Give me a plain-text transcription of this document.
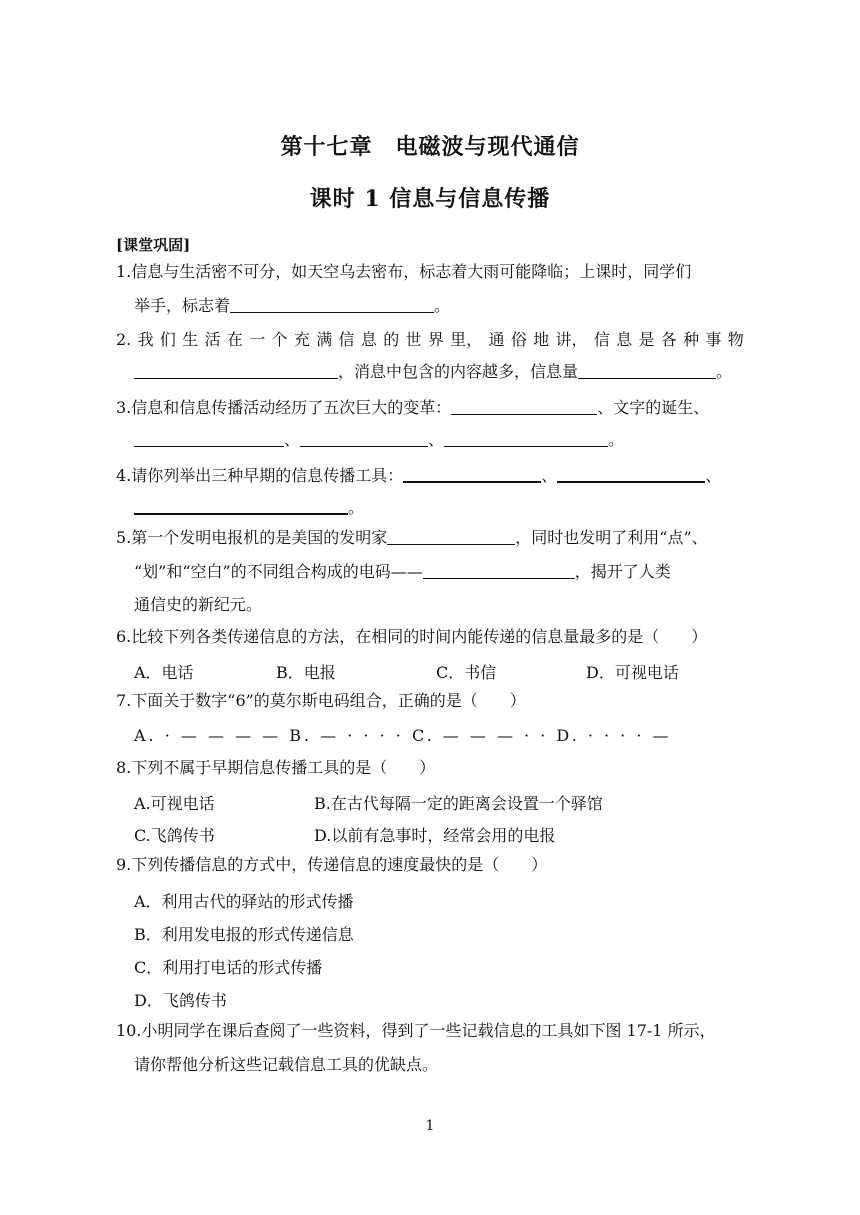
第十七章　电磁波与现代通信
课时 1 信息与信息传播
[课堂巩固]
1.信息与生活密不可分，如天空乌去密布，标志着大雨可能降临；上课时，同学们
举手，标志着	。
2. 我 们 生 活 在 一 个 充 满 信 息 的 世 界 里， 通 俗 地 讲， 信 息 是 各 种 事 物
，消息中包含的内容越多，信息量	。
3.信息和信息传播活动经历了五次巨大的变革：	、文字的诞生、
、	、	。
4.请你列举出三种早期的信息传播工具：	、	、
。
5.第一个发明电报机的是美国的发明家	，同时也发明了利用“点”、
“划”和“空白”的不同组合构成的电码——	，揭开了人类
通信史的新纪元。
6.比较下列各类传递信息的方法，在相同的时间内能传递的信息量最多的是（　　）
A．电话	B．电报	C．书信	D．可视电话
7.下面关于数字“6”的莫尔斯电码组合，正确的是（　　）
A. · — — — — B. — · · · · C. — — — · · D. · · · · —
8.下列不属于早期信息传播工具的是（　　）
A.可视电话	B.在古代每隔一定的距离会设置一个驿馆
C.飞鸽传书	D.以前有急事时，经常会用的电报
9.下列传播信息的方式中，传递信息的速度最快的是（　　）
A．利用古代的驿站的形式传播
B．利用发电报的形式传递信息
C．利用打电话的形式传播
D．飞鸽传书
10.小明同学在课后查阅了一些资料，得到了一些记载信息的工具如下图 17-1 所示，
请你帮他分析这些记载信息工具的优缺点。
1
